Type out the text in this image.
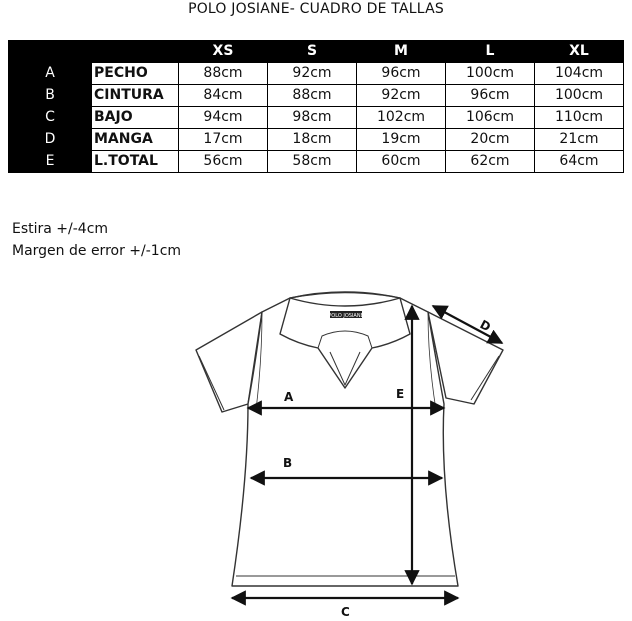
POLO JOSIANE- CUADRO DE TALLAS
		XS	S	M	L	XL
A	PECHO	88cm	92cm	96cm	100cm	104cm
B	CINTURA	84cm	88cm	92cm	96cm	100cm
C	BAJO	94cm	98cm	102cm	106cm	110cm
D	MANGA	17cm	18cm	19cm	20cm	21cm
E	L.TOTAL	56cm	58cm	60cm	62cm	64cm
Estira +/-4cm
Margen de error +/-1cm
POLO JOSIANE
A
B
C
D
E
